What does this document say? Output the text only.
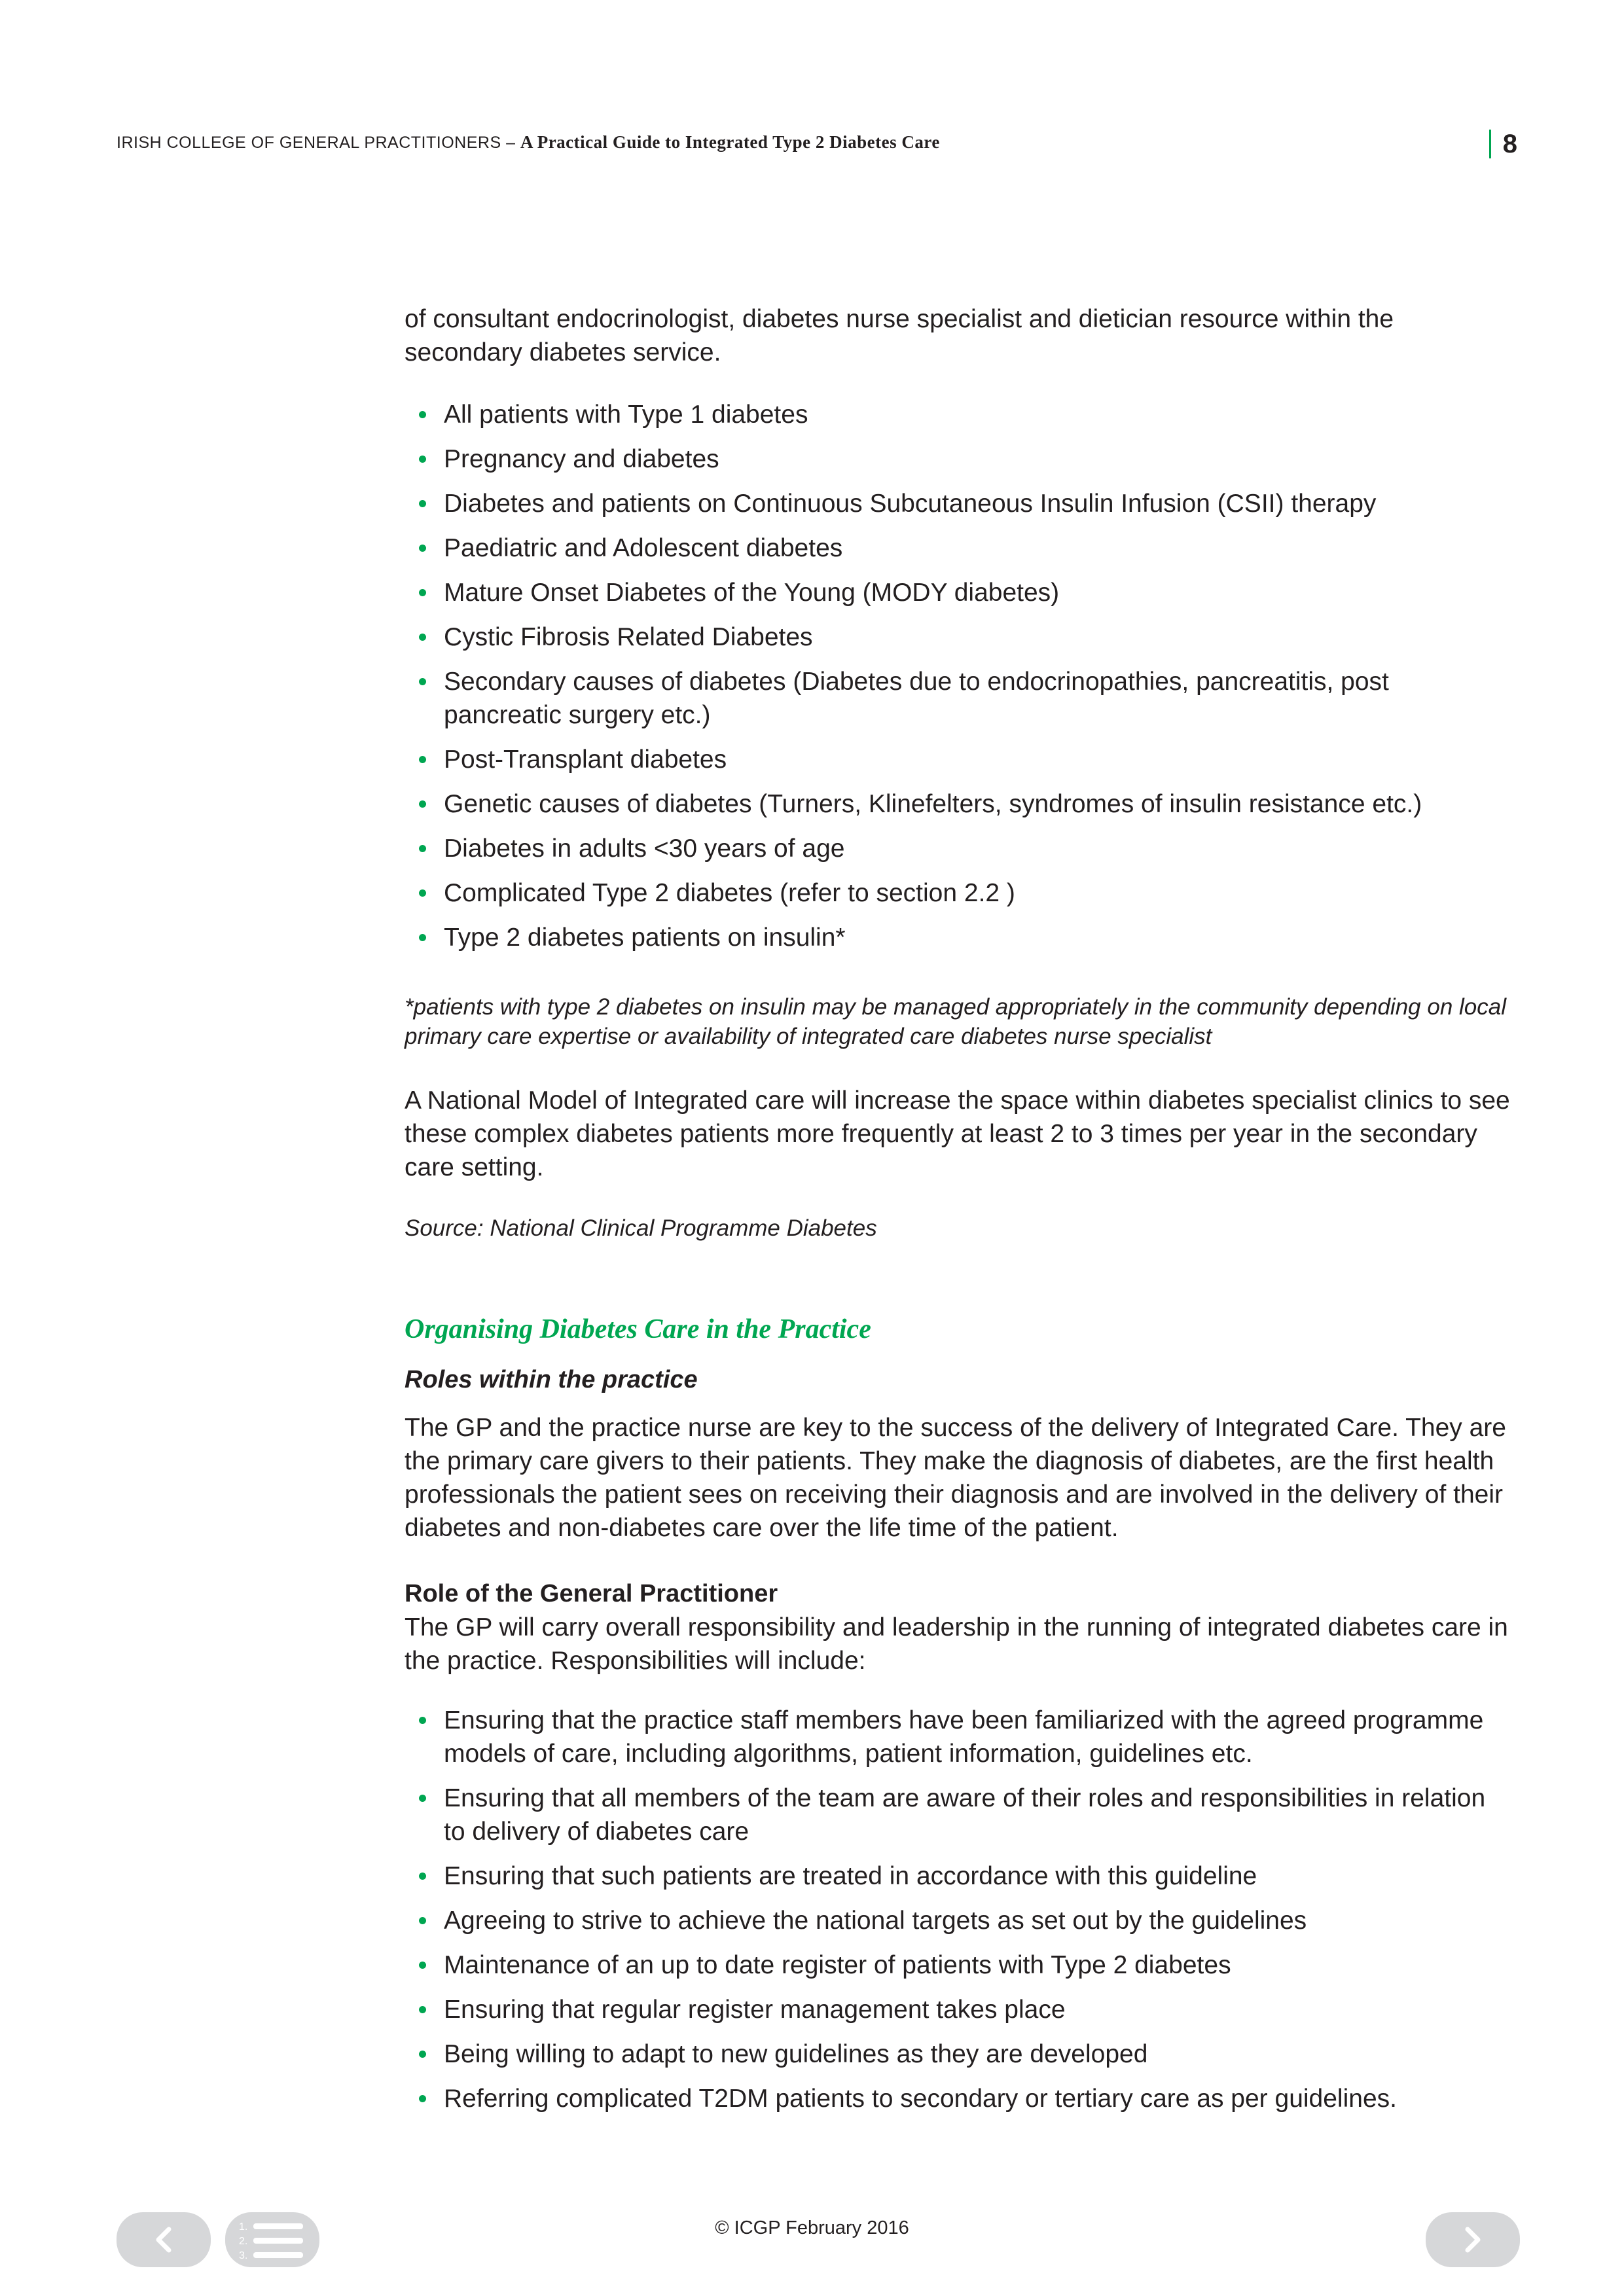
IRISH COLLEGE OF GENERAL PRACTITIONERS – A Practical Guide to Integrated Type 2 Diabetes Care	8

of consultant endocrinologist, diabetes nurse specialist and dietician resource within the secondary diabetes service.

All patients with Type 1 diabetes
Pregnancy and diabetes
Diabetes and patients on Continuous Subcutaneous Insulin Infusion (CSII) therapy
Paediatric and Adolescent diabetes
Mature Onset Diabetes of the Young (MODY diabetes)
Cystic Fibrosis Related Diabetes
Secondary causes of diabetes (Diabetes due to endocrinopathies, pancreatitis, post pancreatic surgery etc.)
Post-Transplant diabetes
Genetic causes of diabetes (Turners, Klinefelters, syndromes of insulin resistance etc.)
Diabetes in adults <30 years of age
Complicated Type 2 diabetes (refer to section 2.2 )
Type 2 diabetes patients on insulin*

*patients with type 2 diabetes on insulin may be managed appropriately in the community depending on local primary care expertise or availability of integrated care diabetes nurse specialist

A National Model of Integrated care will increase the space within diabetes specialist clinics to see these complex diabetes patients more frequently at least 2 to 3 times per year in the secondary care setting.

Source: National Clinical Programme Diabetes

Organising Diabetes Care in the Practice

Roles within the practice

The GP and the practice nurse are key to the success of the delivery of Integrated Care. They are the primary care givers to their patients. They make the diagnosis of diabetes, are the first health professionals the patient sees on receiving their diagnosis and are involved in the delivery of their diabetes and non-diabetes care over the life time of the patient.

Role of the General Practitioner

The GP will carry overall responsibility and leadership in the running of integrated diabetes care in the practice. Responsibilities will include:

Ensuring that the practice staff members have been familiarized with the agreed programme models of care, including algorithms, patient information, guidelines etc.
Ensuring that all members of the team are aware of their roles and responsibilities in relation to delivery of diabetes care
Ensuring that such patients are treated in accordance with this guideline
Agreeing to strive to achieve the national targets as set out by the guidelines
Maintenance of an up to date register of patients with Type 2 diabetes
Ensuring that regular register management takes place
Being willing to adapt to new guidelines as they are developed
Referring complicated T2DM patients to secondary or tertiary care as per guidelines.
1.
2.
3.
© ICGP February 2016
